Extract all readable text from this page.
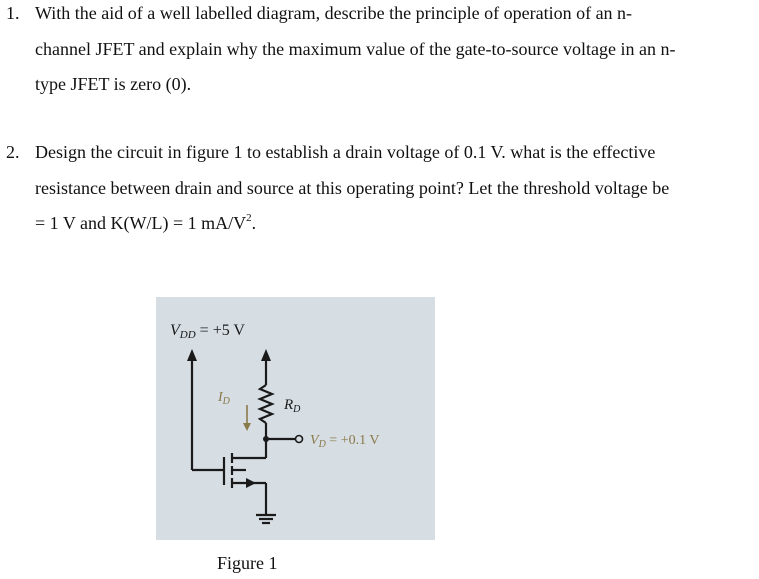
1. With the aid of a well labelled diagram, describe the principle of operation of an n-
channel JFET and explain why the maximum value of the gate-to-source voltage in an n-
type JFET is zero (0).
2. Design the circuit in figure 1 to establish a drain voltage of 0.1 V. what is the effective
resistance between drain and source at this operating point? Let the threshold voltage be
= 1 V and K(W/L) = 1 $mA/V^2$.
VDD = +5 V
$I_D$	$R_D$
$V_D = +0.1$ V
Figure 1
